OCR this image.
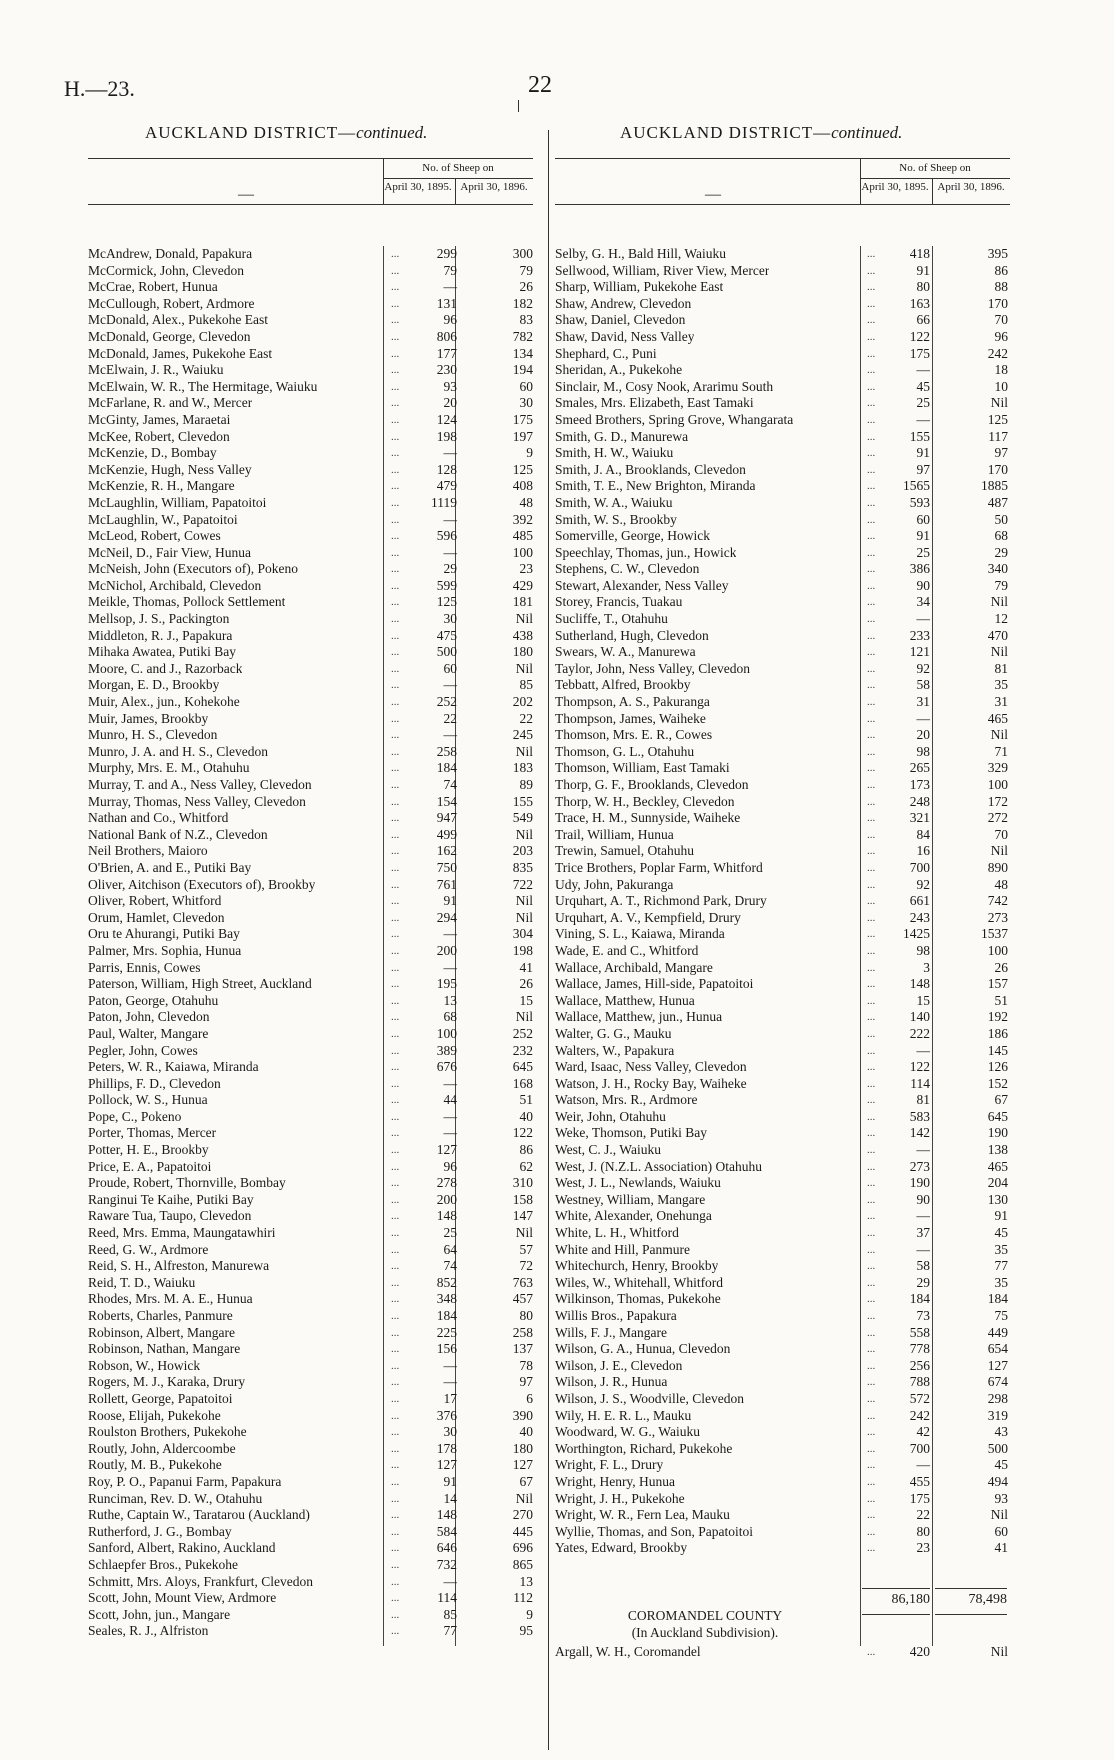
H.—23.	22
AUCKLAND DISTRICT—continued.	AUCKLAND DISTRICT—continued.
—
No. of Sheep on
April 30, 1895. April 30, 1896.
McAndrew, Donald, Papakura	...	299	300
McCormick, John, Clevedon	...	79	79
McCrae, Robert, Hunua	...	—	26
McCullough, Robert, Ardmore	...	131	182
McDonald, Alex., Pukekohe East	...	96	83
McDonald, George, Clevedon	...	806	782
McDonald, James, Pukekohe East	...	177	134
McElwain, J. R., Waiuku	...	230	194
McElwain, W. R., The Hermitage, Waiuku	...	93	60
McFarlane, R. and W., Mercer	...	20	30
McGinty, James, Maraetai	...	124	175
McKee, Robert, Clevedon	...	198	197
McKenzie, D., Bombay	...	—	9
McKenzie, Hugh, Ness Valley	...	128	125
McKenzie, R. H., Mangare	...	479	408
McLaughlin, William, Papatoitoi	...	1119	48
McLaughlin, W., Papatoitoi	...	—	392
McLeod, Robert, Cowes	...	596	485
McNeil, D., Fair View, Hunua	...	—	100
McNeish, John (Executors of), Pokeno	...	29	23
McNichol, Archibald, Clevedon	...	599	429
Meikle, Thomas, Pollock Settlement	...	125	181
Mellsop, J. S., Packington	...	30	Nil
Middleton, R. J., Papakura	...	475	438
Mihaka Awatea, Putiki Bay	...	500	180
Moore, C. and J., Razorback	...	60	Nil
Morgan, E. D., Brookby	...	—	85
Muir, Alex., jun., Kohekohe	...	252	202
Muir, James, Brookby	...	22	22
Munro, H. S., Clevedon	...	—	245
Munro, J. A. and H. S., Clevedon	...	258	Nil
Murphy, Mrs. E. M., Otahuhu	...	184	183
Murray, T. and A., Ness Valley, Clevedon	...	74	89
Murray, Thomas, Ness Valley, Clevedon	...	154	155
Nathan and Co., Whitford	...	947	549
National Bank of N.Z., Clevedon	...	499	Nil
Neil Brothers, Maioro	...	162	203
O'Brien, A. and E., Putiki Bay	...	750	835
Oliver, Aitchison (Executors of), Brookby	...	761	722
Oliver, Robert, Whitford	...	91	Nil
Orum, Hamlet, Clevedon	...	294	Nil
Oru te Ahurangi, Putiki Bay	...	—	304
Palmer, Mrs. Sophia, Hunua	...	200	198
Parris, Ennis, Cowes	...	—	41
Paterson, William, High Street, Auckland	...	195	26
Paton, George, Otahuhu	...	13	15
Paton, John, Clevedon	...	68	Nil
Paul, Walter, Mangare	...	100	252
Pegler, John, Cowes	...	389	232
Peters, W. R., Kaiawa, Miranda	...	676	645
Phillips, F. D., Clevedon	...	—	168
Pollock, W. S., Hunua	...	44	51
Pope, C., Pokeno	...	—	40
Porter, Thomas, Mercer	...	—	122
Potter, H. E., Brookby	...	127	86
Price, E. A., Papatoitoi	...	96	62
Proude, Robert, Thornville, Bombay	...	278	310
Ranginui Te Kaihe, Putiki Bay	...	200	158
Raware Tua, Taupo, Clevedon	...	148	147
Reed, Mrs. Emma, Maungatawhiri	...	25	Nil
Reed, G. W., Ardmore	...	64	57
Reid, S. H., Alfreston, Manurewa	...	74	72
Reid, T. D., Waiuku	...	852	763
Rhodes, Mrs. M. A. E., Hunua	...	348	457
Roberts, Charles, Panmure	...	184	80
Robinson, Albert, Mangare	...	225	258
Robinson, Nathan, Mangare	...	156	137
Robson, W., Howick	...	—	78
Rogers, M. J., Karaka, Drury	...	—	97
Rollett, George, Papatoitoi	...	17	6
Roose, Elijah, Pukekohe	...	376	390
Roulston Brothers, Pukekohe	...	30	40
Routly, John, Aldercoombe	...	178	180
Routly, M. B., Pukekohe	...	127	127
Roy, P. O., Papanui Farm, Papakura	...	91	67
Runciman, Rev. D. W., Otahuhu	...	14	Nil
Ruthe, Captain W., Taratarou (Auckland)	...	148	270
Rutherford, J. G., Bombay	...	584	445
Sanford, Albert, Rakino, Auckland	...	646	696
Schlaepfer Bros., Pukekohe	...	732	865
Schmitt, Mrs. Aloys, Frankfurt, Clevedon	...	—	13
Scott, John, Mount View, Ardmore	...	114	112
Scott, John, jun., Mangare	...	85	9
Seales, R. J., Alfriston	...	77	95
—
No. of Sheep on
April 30, 1895. April 30, 1896.
Selby, G. H., Bald Hill, Waiuku	...	418	395
Sellwood, William, River View, Mercer	...	91	86
Sharp, William, Pukekohe East	...	80	88
Shaw, Andrew, Clevedon	...	163	170
Shaw, Daniel, Clevedon	...	66	70
Shaw, David, Ness Valley	...	122	96
Shephard, C., Puni	...	175	242
Sheridan, A., Pukekohe	...	—	18
Sinclair, M., Cosy Nook, Ararimu South	...	45	10
Smales, Mrs. Elizabeth, East Tamaki	...	25	Nil
Smeed Brothers, Spring Grove, Whangarata	...	—	125
Smith, G. D., Manurewa	...	155	117
Smith, H. W., Waiuku	...	91	97
Smith, J. A., Brooklands, Clevedon	...	97	170
Smith, T. E., New Brighton, Miranda	...	1565	1885
Smith, W. A., Waiuku	...	593	487
Smith, W. S., Brookby	...	60	50
Somerville, George, Howick	...	91	68
Speechlay, Thomas, jun., Howick	...	25	29
Stephens, C. W., Clevedon	...	386	340
Stewart, Alexander, Ness Valley	...	90	79
Storey, Francis, Tuakau	...	34	Nil
Sucliffe, T., Otahuhu	...	—	12
Sutherland, Hugh, Clevedon	...	233	470
Swears, W. A., Manurewa	...	121	Nil
Taylor, John, Ness Valley, Clevedon	...	92	81
Tebbatt, Alfred, Brookby	...	58	35
Thompson, A. S., Pakuranga	...	31	31
Thompson, James, Waiheke	...	—	465
Thomson, Mrs. E. R., Cowes	...	20	Nil
Thomson, G. L., Otahuhu	...	98	71
Thomson, William, East Tamaki	...	265	329
Thorp, G. F., Brooklands, Clevedon	...	173	100
Thorp, W. H., Beckley, Clevedon	...	248	172
Trace, H. M., Sunnyside, Waiheke	...	321	272
Trail, William, Hunua	...	84	70
Trewin, Samuel, Otahuhu	...	16	Nil
Trice Brothers, Poplar Farm, Whitford	...	700	890
Udy, John, Pakuranga	...	92	48
Urquhart, A. T., Richmond Park, Drury	...	661	742
Urquhart, A. V., Kempfield, Drury	...	243	273
Vining, S. L., Kaiawa, Miranda	...	1425	1537
Wade, E. and C., Whitford	...	98	100
Wallace, Archibald, Mangare	...	3	26
Wallace, James, Hill-side, Papatoitoi	...	148	157
Wallace, Matthew, Hunua	...	15	51
Wallace, Matthew, jun., Hunua	...	140	192
Walter, G. G., Mauku	...	222	186
Walters, W., Papakura	...	—	145
Ward, Isaac, Ness Valley, Clevedon	...	122	126
Watson, J. H., Rocky Bay, Waiheke	...	114	152
Watson, Mrs. R., Ardmore	...	81	67
Weir, John, Otahuhu	...	583	645
Weke, Thomson, Putiki Bay	...	142	190
West, C. J., Waiuku	...	—	138
West, J. (N.Z.L. Association) Otahuhu	...	273	465
West, J. L., Newlands, Waiuku	...	190	204
Westney, William, Mangare	...	90	130
White, Alexander, Onehunga	...	—	91
White, L. H., Whitford	...	37	45
White and Hill, Panmure	...	—	35
Whitechurch, Henry, Brookby	...	58	77
Wiles, W., Whitehall, Whitford	...	29	35
Wilkinson, Thomas, Pukekohe	...	184	184
Willis Bros., Papakura	...	73	75
Wills, F. J., Mangare	...	558	449
Wilson, G. A., Hunua, Clevedon	...	778	654
Wilson, J. E., Clevedon	...	256	127
Wilson, J. R., Hunua	...	788	674
Wilson, J. S., Woodville, Clevedon	...	572	298
Wily, H. E. R. L., Mauku	...	242	319
Woodward, W. G., Waiuku	...	42	43
Worthington, Richard, Pukekohe	...	700	500
Wright, F. L., Drury	...	—	45
Wright, Henry, Hunua	...	455	494
Wright, J. H., Pukekohe	...	175	93
Wright, W. R., Fern Lea, Mauku	...	22	Nil
Wyllie, Thomas, and Son, Papatoitoi	...	80	60
Yates, Edward, Brookby	...	23	41
86,180	78,498
COROMANDEL COUNTY
(In Auckland Subdivision).
Argall, W. H., Coromandel	...	420	Nil
